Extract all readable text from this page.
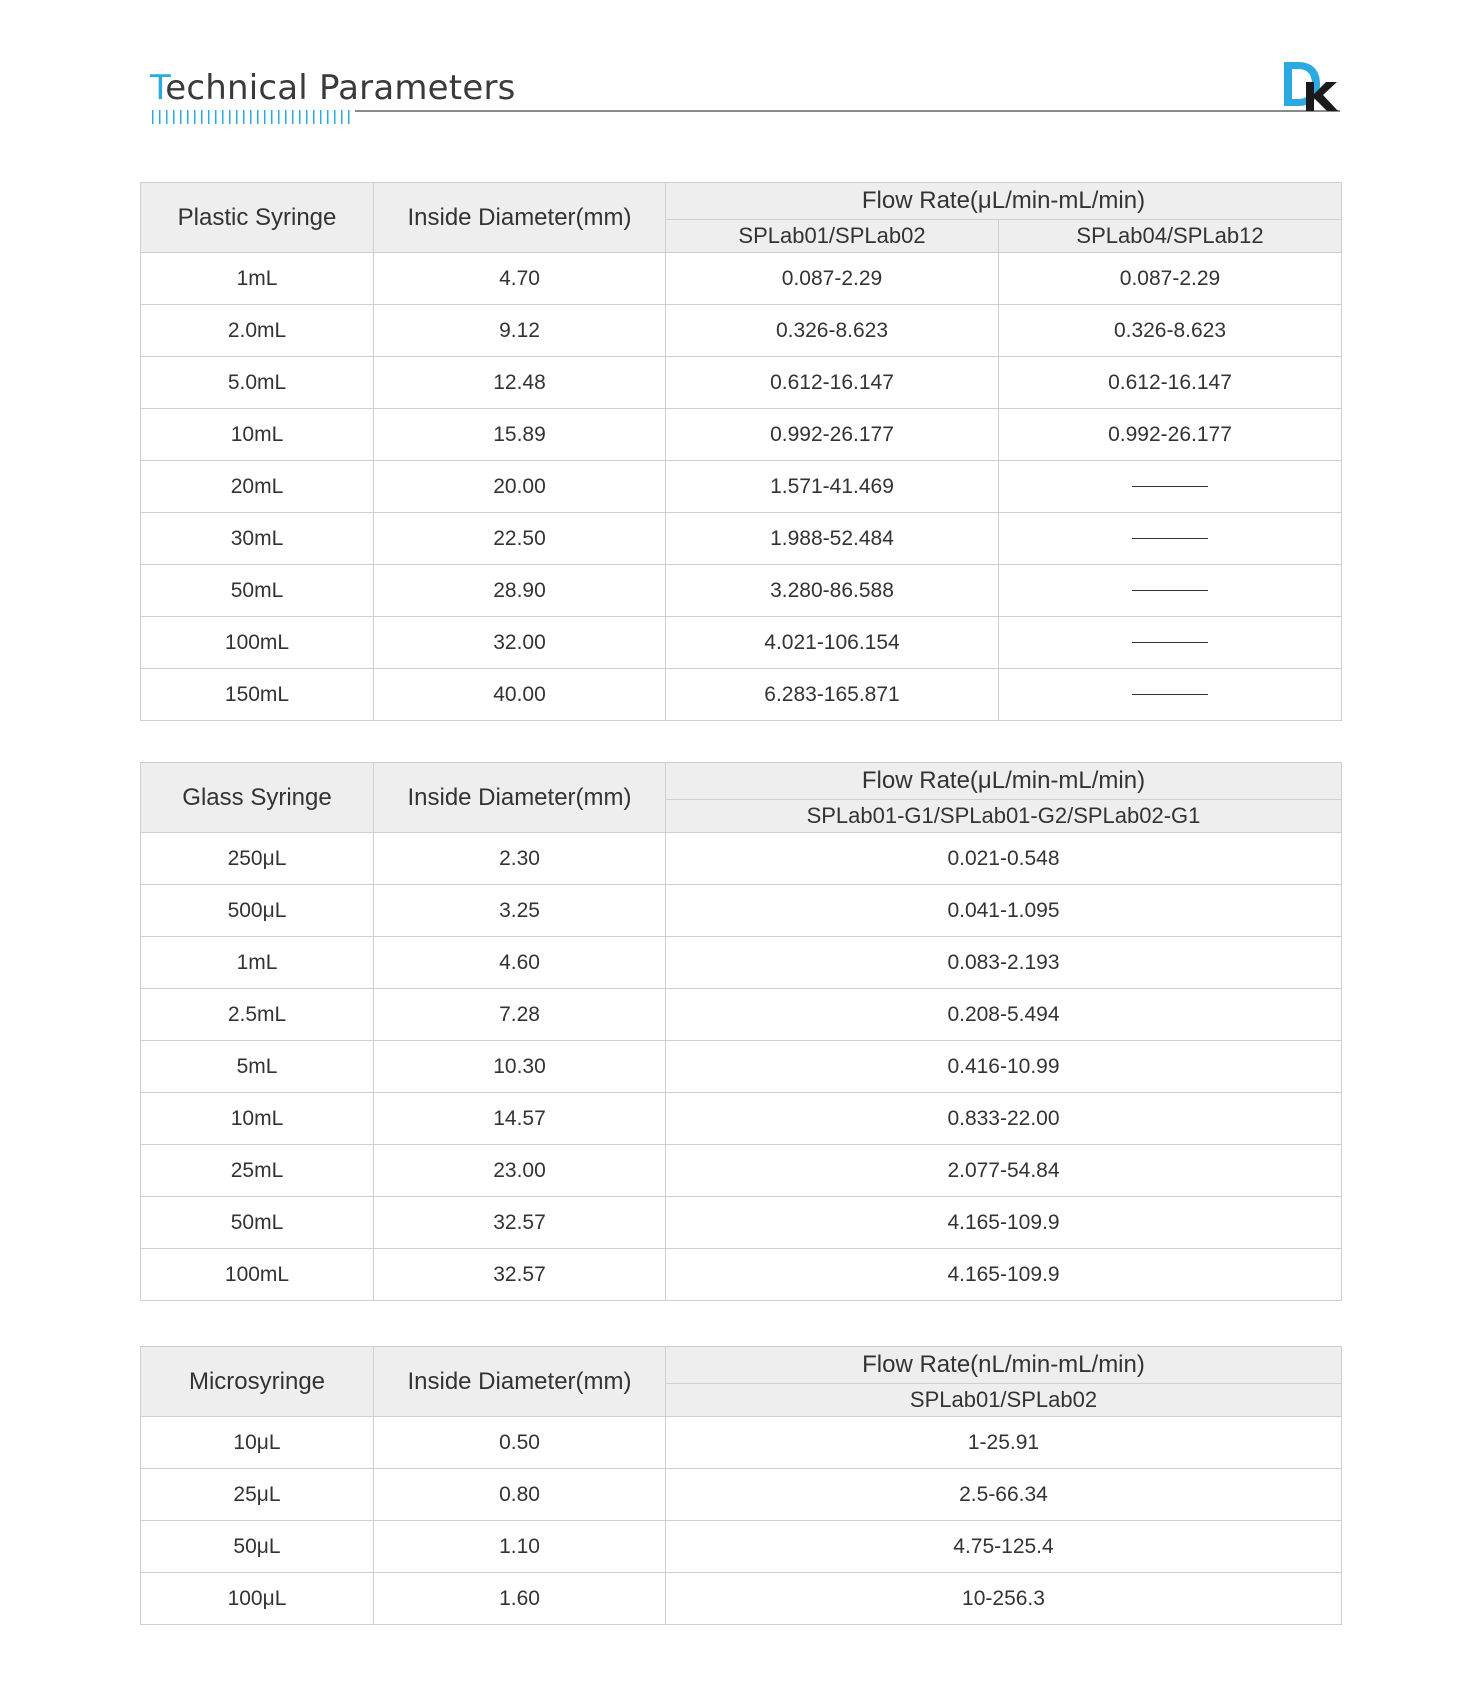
Technical Parameters
Plastic Syringe	Inside Diameter(mm)	Flow Rate(μL/min-mL/min)	
		SPLab01/SPLab02	SPLab04/SPLab12
1mL	4.70	0.087-2.29	0.087-2.29
2.0mL	9.12	0.326-8.623	0.326-8.623
5.0mL	12.48	0.612-16.147	0.612-16.147
10mL	15.89	0.992-26.177	0.992-26.177
20mL	20.00	1.571-41.469	
30mL	22.50	1.988-52.484	
50mL	28.90	3.280-86.588	
100mL	32.00	4.021-106.154	
150mL	40.00	6.283-165.871	
Glass Syringe	Inside Diameter(mm)	Flow Rate(μL/min-mL/min)
		SPLab01-G1/SPLab01-G2/SPLab02-G1
250μL	2.30	0.021-0.548
500μL	3.25	0.041-1.095
1mL	4.60	0.083-2.193
2.5mL	7.28	0.208-5.494
5mL	10.30	0.416-10.99
10mL	14.57	0.833-22.00
25mL	23.00	2.077-54.84
50mL	32.57	4.165-109.9
100mL	32.57	4.165-109.9
Microsyringe	Inside Diameter(mm)	Flow Rate(nL/min-mL/min)
		SPLab01/SPLab02
10μL	0.50	1-25.91
25μL	0.80	2.5-66.34
50μL	1.10	4.75-125.4
100μL	1.60	10-256.3
